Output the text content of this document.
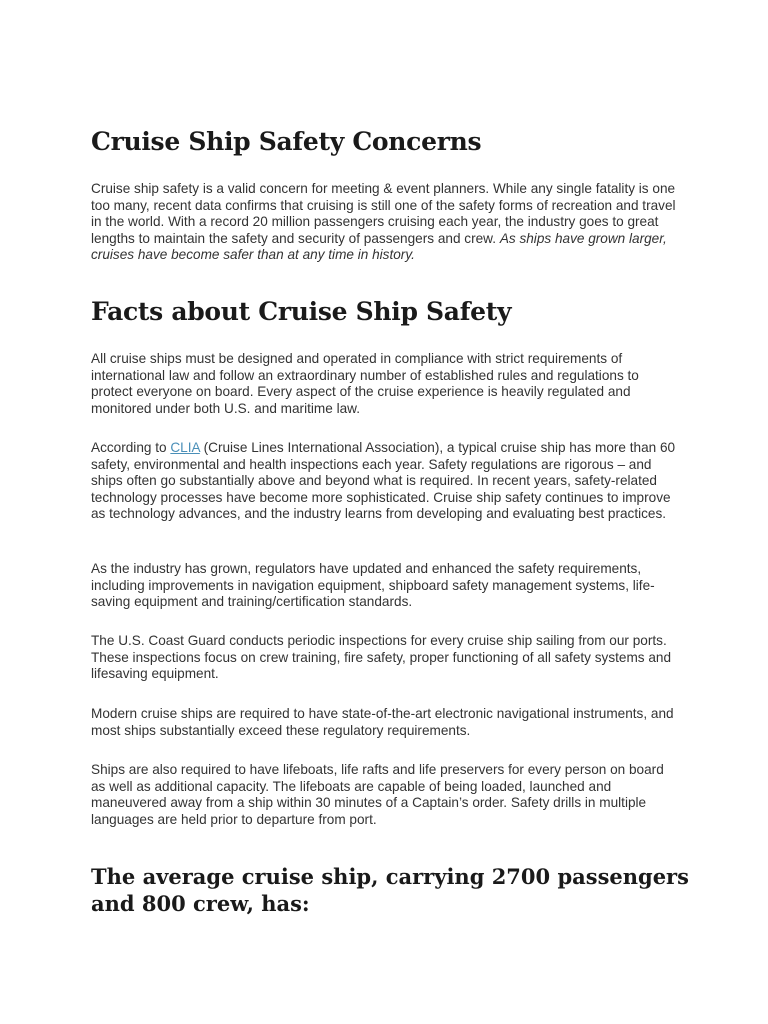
Cruise Ship Safety Concerns

Cruise ship safety is a valid concern for meeting & event planners. While any single fatality is one too many, recent data confirms that cruising is still one of the safety forms of recreation and travel in the world. With a record 20 million passengers cruising each year, the industry goes to great lengths to maintain the safety and security of passengers and crew. As ships have grown larger, cruises have become safer than at any time in history.

Facts about Cruise Ship Safety

All cruise ships must be designed and operated in compliance with strict requirements of international law and follow an extraordinary number of established rules and regulations to protect everyone on board. Every aspect of the cruise experience is heavily regulated and monitored under both U.S. and maritime law.

According to CLIA (Cruise Lines International Association), a typical cruise ship has more than 60 safety, environmental and health inspections each year. Safety regulations are rigorous – and ships often go substantially above and beyond what is required. In recent years, safety-related technology processes have become more sophisticated. Cruise ship safety continues to improve as technology advances, and the industry learns from developing and evaluating best practices.

As the industry has grown, regulators have updated and enhanced the safety requirements, including improvements in navigation equipment, shipboard safety management systems, life-saving equipment and training/certification standards.

The U.S. Coast Guard conducts periodic inspections for every cruise ship sailing from our ports. These inspections focus on crew training, fire safety, proper functioning of all safety systems and lifesaving equipment.

Modern cruise ships are required to have state-of-the-art electronic navigational instruments, and most ships substantially exceed these regulatory requirements.

Ships are also required to have lifeboats, life rafts and life preservers for every person on board as well as additional capacity. The lifeboats are capable of being loaded, launched and maneuvered away from a ship within 30 minutes of a Captain’s order. Safety drills in multiple languages are held prior to departure from port.

The average cruise ship, carrying 2700 passengers and 800 crew, has:
